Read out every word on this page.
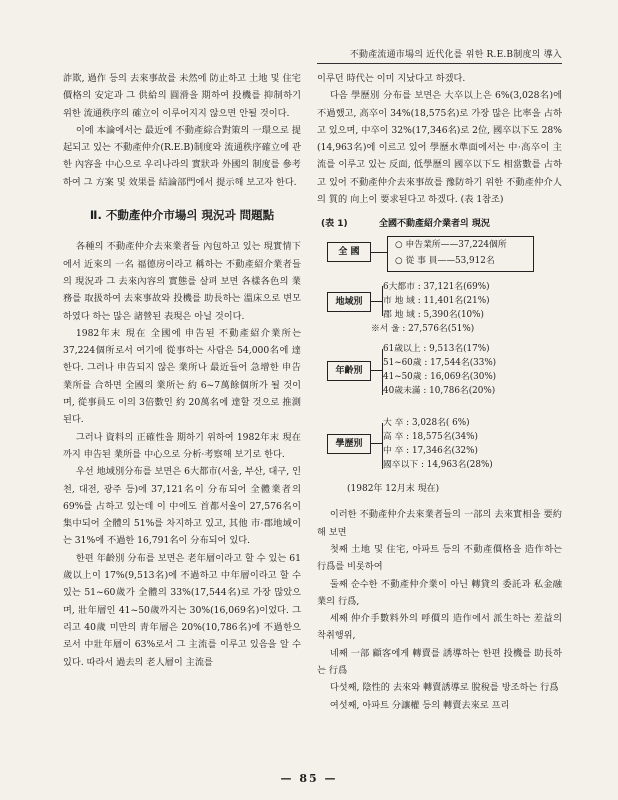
不動產流通市場의 近代化를 위한 R.E.B制度의 導入

詐欺, 過作 등의 去來事故를 未然에 防止하고 土地 및 住宅價格의 安定과 그 供給의 圓滑을 期하여 投機를 抑制하기 위한 流通秩序의 確立이 이루어지지 않으면 안될 것이다.

이에 本論에서는 最近에 不動產綜合對策의 一環으로 提起되고 있는 不動產仲介(R.E.B)制度와 流通秩序確立에 관한 內容을 中心으로 우리나라의 實狀과 外國의 制度를 參考하여 그 方案 및 效果를 結論部門에서 提示해 보고자 한다.

Ⅱ. 不動產仲介市場의 現況과 問題點

各種의 不動產仲介去來業者들 內包하고 있는 現實情下에서 近來의 一名 福德房이라고 稱하는 不動產紹介業者들의 現況과 그 去來內容의 實態를 살펴 보면 各樣各色의 業務를 取扱하여 去來事故와 投機를 助長하는 溫床으로 변모하였다 하는 많은 諸營된 表現은 아닐 것이다.

1982年末 現在 全國에 申告된 不動產紹介業所는 37,224個所로서 여기에 從事하는 사람은 54,000名에 達한다. 그러나 申告되지 않은 業所나 最近들어 急增한 申告業所를 合하면 全國의 業所는 約 6~7萬餘個所가 될 것이며, 從事員도 이의 3倍數인 約 20萬名에 達할 것으로 推測된다.

그러나 資料의 正確性을 期하기 위하여 1982年末 現在까지 申告된 業所를 中心으로 分析·考察해 보기로 한다.

우선 地域別分布를 보면은 6大都市(서울, 부산, 대구, 인천, 대전, 광주 등)에 37,121名이 分布되어 全體業者의 69%를 占하고 있는데 이 中에도 首都서울이 27,576名이 集中되어 全體의 51%를 차지하고 있고, 其他 市·郡地域이는 31%에 不過한 16,791名이 分布되어 있다.

한편 年齡別 分布를 보면은 老年層이라고 할 수 있는 61歲以上이 17%(9,513名)에 不過하고 中年層이라고 할 수 있는 51~60歲가 全體의 33%(17,544名)로 가장 많았으며, 壯年層인 41~50歲까지는 30%(16,069名)이었다. 그리고 40歲 미만의 靑年層은 20%(10,786名)에 不過한으로서 中壯年層이 63%로서 그 主流를 이루고 있음을 알 수 있다. 따라서 過去의 老人層이 主流를

이루던 時代는 이미 지났다고 하겠다.

다음 學歷別 分布를 보면은 大卒以上은 6%(3,028名)에 不過했고, 高卒이 34%(18,575名)로 가장 많은 比率을 占하고 있으며, 中卒이 32%(17,346名)로 2位, 國卒以下도 28%(14,963名)에 이르고 있어 學歷水準面에서는 中·高卒이 主流를 이루고 있는 反面, 低學歷의 國卒以下도 相當數를 占하고 있어 不動產仲介去來事故를 豫防하기 위한 不動產仲介人의 質的 向上이 要求된다고 하겠다. (表 1참조)

(表 1)	全國不動產紹介業者의 現況
全 國
○ 申告業所——37,224個所
○ 從 事 員——53,912名
地域別
6大都市 : 37,121名(69%)
市 地 域 : 11,401名(21%)
郡 地 域 : 5,390名(10%)
※서 울 : 27,576名(51%)
年齡別
61歲以上 : 9,513名(17%)
51~60歲 : 17,544名(33%)
41~50歲 : 16,069名(30%)
40歲未滿 : 10,786名(20%)
學歷別
大 卒 : 3,028名( 6%)
高 卒 : 18,575名(34%)
中 卒 : 17,346名(32%)
國卒以下 : 14,963名(28%)
(1982年 12月末 現在)

이러한 不動產仲介去來業者들의 一部의 去來實相을 要約해 보면

첫째 土地 및 住宅, 아파트 등의 不動產價格을 造作하는 行爲를 비롯하여

둘째 순수한 不動產仲介業이 아닌 轉貸의 委託과 私金融業의 行爲,

세째 仲介手數料外의 呼價의 造作에서 派生하는 差益의 착취행위,

네째 一部 顧客에게 轉賣를 誘導하는 한편 投機를 助長하는 行爲

다섯째, 陰性的 去來와 轉賣誘導로 脫稅를 방조하는 行爲

여섯째, 아파트 分讓權 등의 轉賣去來로 프리

— 85 —
